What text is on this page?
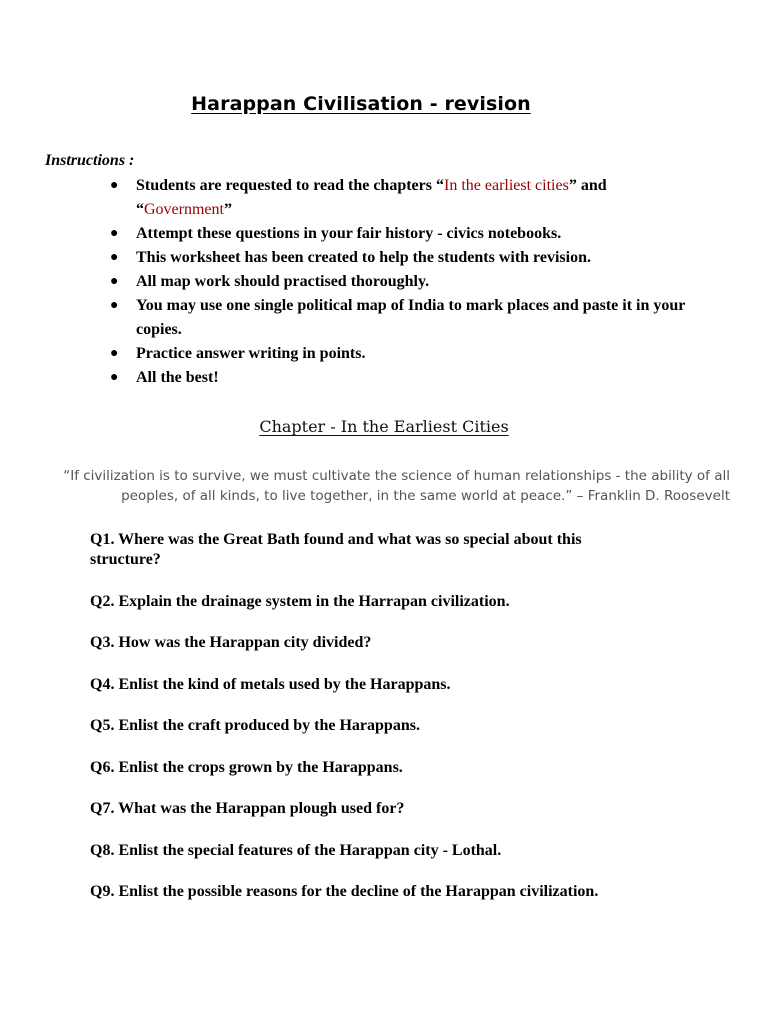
Harappan Civilisation - revision
Instructions :
● Students are requested to read the chapters “In the earliest cities” and “Government”
● Attempt these questions in your fair history - civics notebooks.
● This worksheet has been created to help the students with revision.
● All map work should practised thoroughly.
● You may use one single political map of India to mark places and paste it in your copies.
● Practice answer writing in points.
● All the best!
Chapter - In the Earliest Cities
“If civilization is to survive, we must cultivate the science of human relationships - the ability of all peoples, of all kinds, to live together, in the same world at peace.” – Franklin D. Roosevelt
Q1. Where was the Great Bath found and what was so special about this structure?
Q2. Explain the drainage system in the Harrapan civilization.
Q3. How was the Harappan city divided?
Q4. Enlist the kind of metals used by the Harappans.
Q5. Enlist the craft produced by the Harappans.
Q6. Enlist the crops grown by the Harappans.
Q7. What was the Harappan plough used for?
Q8. Enlist the special features of the Harappan city - Lothal.
Q9. Enlist the possible reasons for the decline of the Harappan civilization.
